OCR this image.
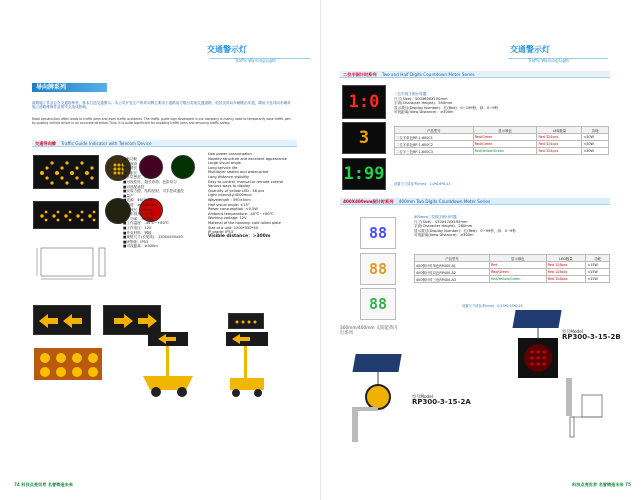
交通警示灯
Traffic Warning Light
导向牌系列
道路施工作业会在交通指挥里，基本打造交通警示。本公司开发生产的导向牌主要用于道路前方限行封闭交通道路，依状况导向车辆驶出车道，降低不良导向车辆对施工道路维修作业的安全造成影响。
Road construction often leads to traffic jams and even traffic accidents. The traffic guide sign developed in our company is mainly used to temporarily ease traffic jam by guiding vehicle driver in an accurate direction.Thus, it is quite significant for avoiding traffic jams and ensuring traffic safety.
交通导向牌 Traffic Guide Indicator with Telecom Device
■低功耗
■亮度高
■寿命长
■视距长
■多层密封，防水
■可视性好，超长寿命，色彩均匀
■可选配遥控
■安装方便，结构坚固，可手控或遥控
■量产
■光源：46只LED
■亮度：≥4000mcd.
　　波长：±5nm.
　　半视角：±15°。
　　功率：<0.5W
■工作温度：-40℃~+80℃
■工作电压：12V
■外壳材料：钢板
■规格尺寸(长宽高)：1200x550x50
■IP等级：IP53
■可视距离：≥300m
Low power consumption
Novelty structure and excellent appearance
Large visual angle
Long service life
Multilayer sealed and water-proof
Long distance visibility
Easy to control, manual or remote control
Various ways to display
Quantity of yellow LED : 46 pcs
Light intensity:4000mcd
Wavelength : 590±5nm
Half visual angle: ±15°
Power consumption :<0.5W
Ambient temperature: -40℃~+80℃
Working voltage: 12V
Material of the housing: cold rolled plate
Size of a unit: 1200*550*50
IP grade: IP53
Visible distance：>300m
74 科技点亮世界 名誉铸造未来
交通警示灯
Traffic Warning Light
二位半倒计时系列 Two and Half Digits Countdown Meter Series
1:0
3
1:99
二位半数字倒计时器
尺寸(Size)：500X600X100mm
字高(Character Height)：550mm
显示数目(Display Number)：红(Red)：0~199秒，绿：0~9秒
可视距离(View Distance)：≥300m
产品型号	显示颜色	LED数量	功耗
二位半单色RP-1-600C1	Red/Green	Red 324pcs	<30W
二位半单色RP-1-600C2	Red/Green	Red 324pcs	<30W
二位半三色RP-1-600C3	Red/Yellow/Green	Red 324pcs	<30W
设置尺寸请参考(mm)：1.0*0.6*0.23
400X400mm倒计时系列 400mm Two Digits Countdown Meter Series
88
88
88
400mm二位数字倒计时器
尺寸(Size)：470X470X195mm
字高(Character Height)：280mm
显示数目(Display Number)：红(Red)：0~99秒，绿：0~9秒
可视距离(View Distance)：≥300m
产品型号	显示颜色	LED数量	功耗
400倒计时单色RP400-A1	Red	Red 128pcs	<15W
400倒计时双色RP400-A2	Red/Green	Red 128pcs	<15W
400倒计时三色RP400-A3	Red/Yellow/Green	Red 128pcs	<15W
设置尺寸请参考(mm)：0.53*0.53*0.25
300mm/400mm 太阳能黄闪灯系列
型号Model
RP300-3-15-2A
型号Model
RP300-3-15-2B
科技点亮世界 名誉铸造未来 75
